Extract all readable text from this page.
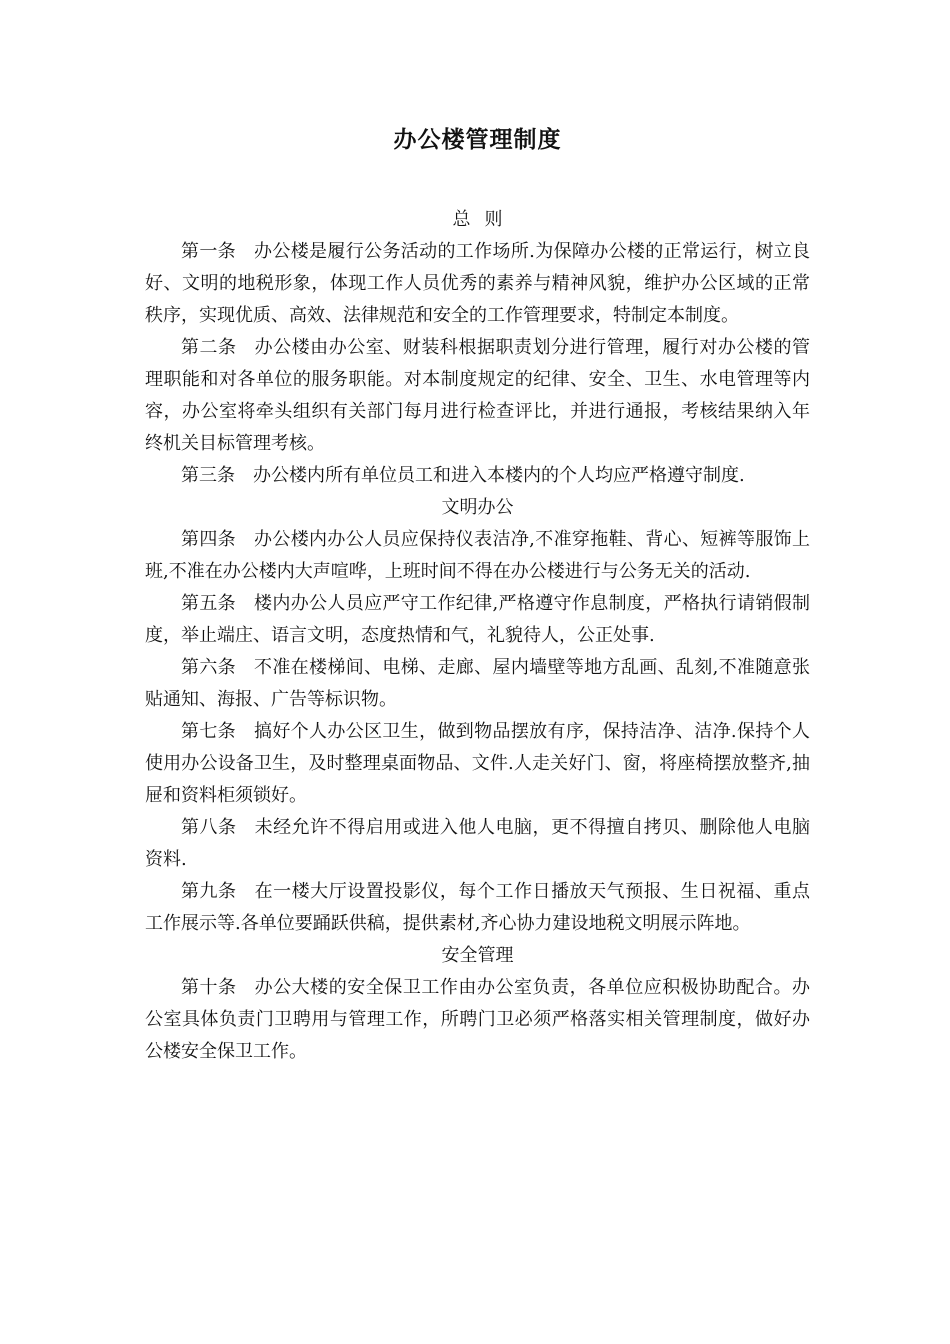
办公楼管理制度

总则

第一条 办公楼是履行公务活动的工作场所.为保障办公楼的正常运行，树立良好、文明的地税形象，体现工作人员优秀的素养与精神风貌，维护办公区域的正常秩序，实现优质、高效、法律规范和安全的工作管理要求，特制定本制度。

第二条 办公楼由办公室、财装科根据职责划分进行管理，履行对办公楼的管理职能和对各单位的服务职能。对本制度规定的纪律、安全、卫生、水电管理等内容，办公室将牵头组织有关部门每月进行检查评比，并进行通报，考核结果纳入年终机关目标管理考核。

第三条 办公楼内所有单位员工和进入本楼内的个人均应严格遵守制度.

文明办公

第四条 办公楼内办公人员应保持仪表洁净,不准穿拖鞋、背心、短裤等服饰上班,不准在办公楼内大声喧哗，上班时间不得在办公楼进行与公务无关的活动.

第五条 楼内办公人员应严守工作纪律,严格遵守作息制度，严格执行请销假制度，举止端庄、语言文明，态度热情和气，礼貌待人，公正处事.

第六条 不准在楼梯间、电梯、走廊、屋内墙壁等地方乱画、乱刻,不准随意张贴通知、海报、广告等标识物。

第七条 搞好个人办公区卫生，做到物品摆放有序，保持洁净、洁净.保持个人使用办公设备卫生，及时整理桌面物品、文件.人走关好门、窗，将座椅摆放整齐,抽屉和资料柜须锁好。

第八条 未经允许不得启用或进入他人电脑，更不得擅自拷贝、删除他人电脑资料.

第九条 在一楼大厅设置投影仪，每个工作日播放天气预报、生日祝福、重点工作展示等.各单位要踊跃供稿，提供素材,齐心协力建设地税文明展示阵地。

安全管理

第十条 办公大楼的安全保卫工作由办公室负责，各单位应积极协助配合。办公室具体负责门卫聘用与管理工作，所聘门卫必须严格落实相关管理制度，做好办公楼安全保卫工作。
